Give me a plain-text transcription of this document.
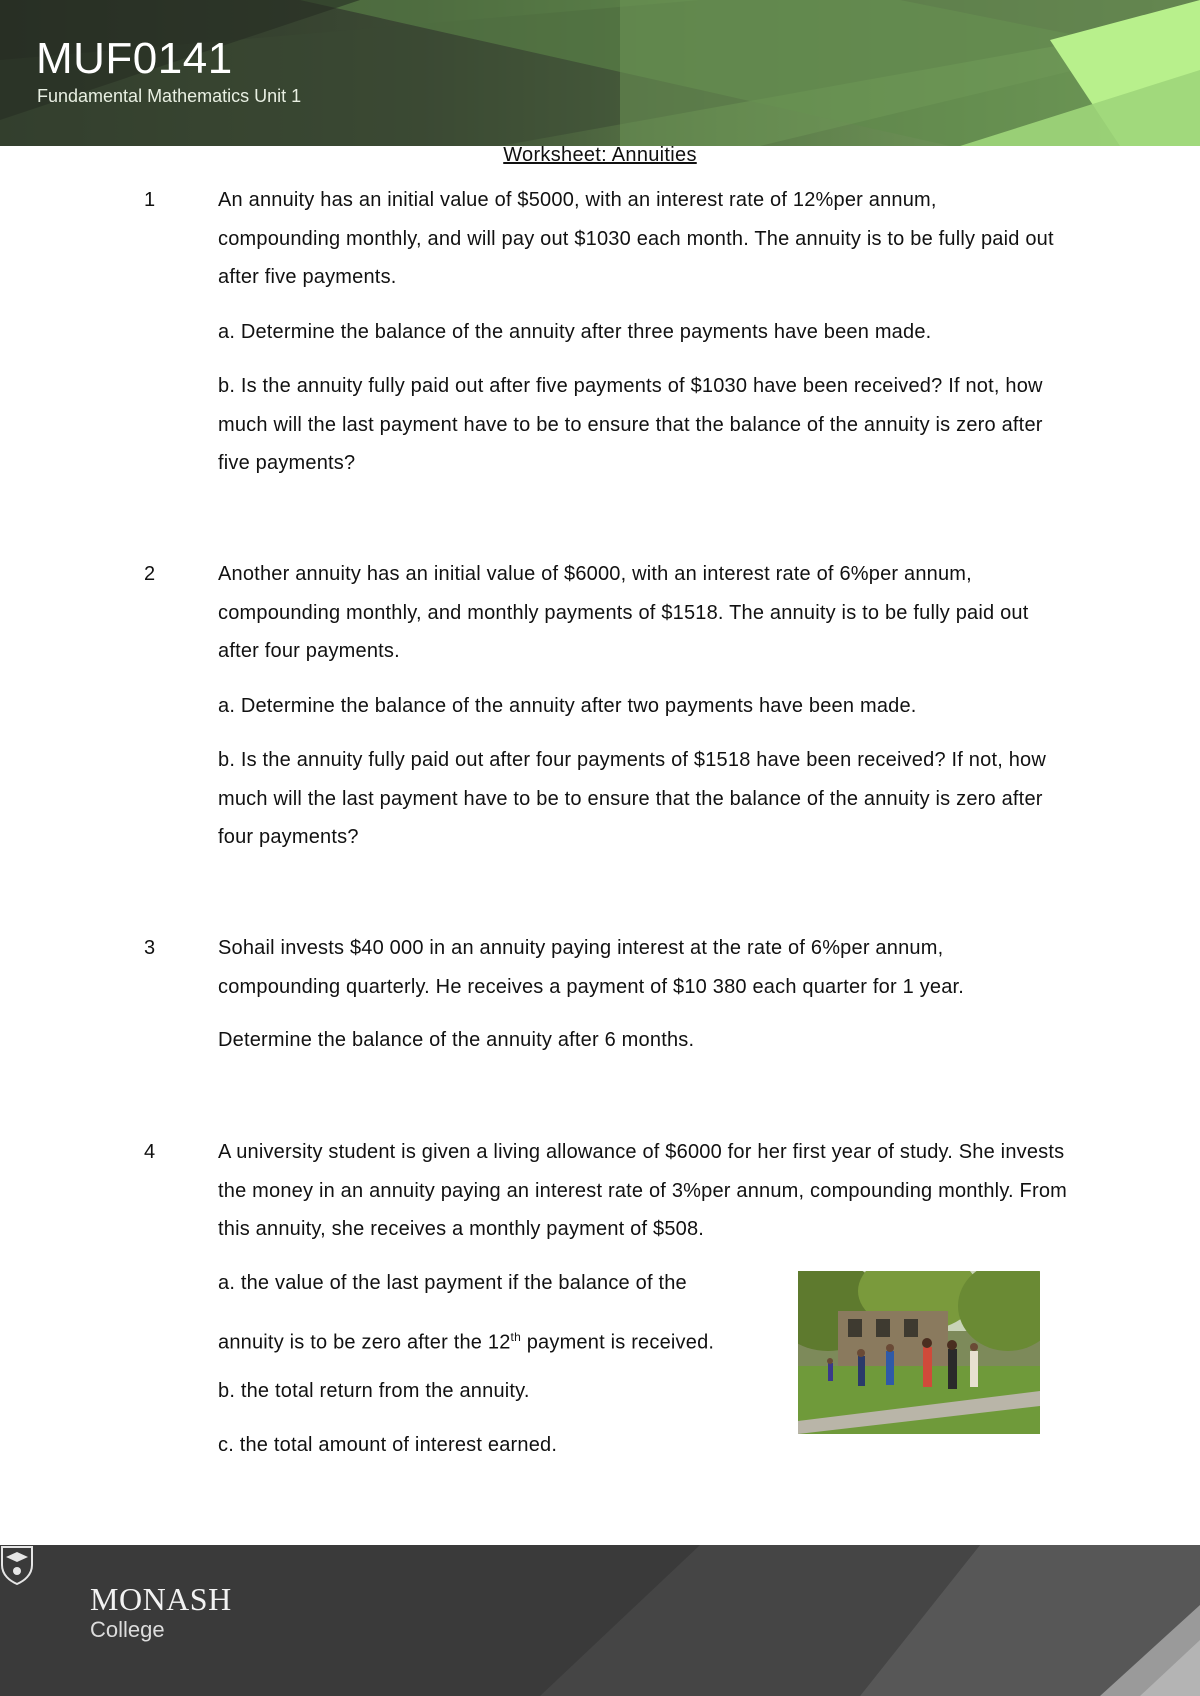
MUF0141
Fundamental Mathematics Unit 1
Worksheet: Annuities
1	An annuity has an initial value of $5000, with an interest rate of 12%per annum, compounding monthly, and will pay out $1030 each month. The annuity is to be fully paid out after five payments.

a. Determine the balance of the annuity after three payments have been made.

b. Is the annuity fully paid out after five payments of $1030 have been received? If not, how much will the last payment have to be to ensure that the balance of the annuity is zero after five payments?

2	Another annuity has an initial value of $6000, with an interest rate of 6%per annum, compounding monthly, and monthly payments of $1518. The annuity is to be fully paid out after four payments.

a. Determine the balance of the annuity after two payments have been made.

b. Is the annuity fully paid out after four payments of $1518 have been received? If not, how much will the last payment have to be to ensure that the balance of the annuity is zero after four payments?

3	Sohail invests $40 000 in an annuity paying interest at the rate of 6%per annum, compounding quarterly. He receives a payment of $10 380 each quarter for 1 year.

Determine the balance of the annuity after 6 months.

4	A university student is given a living allowance of $6000 for her first year of study. She invests the money in an annuity paying an interest rate of 3%per annum, compounding monthly. From this annuity, she receives a monthly payment of $508.

a. the value of the last payment if the balance of the

annuity is to be zero after the 12th payment is received.

b. the total return from the annuity.

c. the total amount of interest earned.

MONASH
College
